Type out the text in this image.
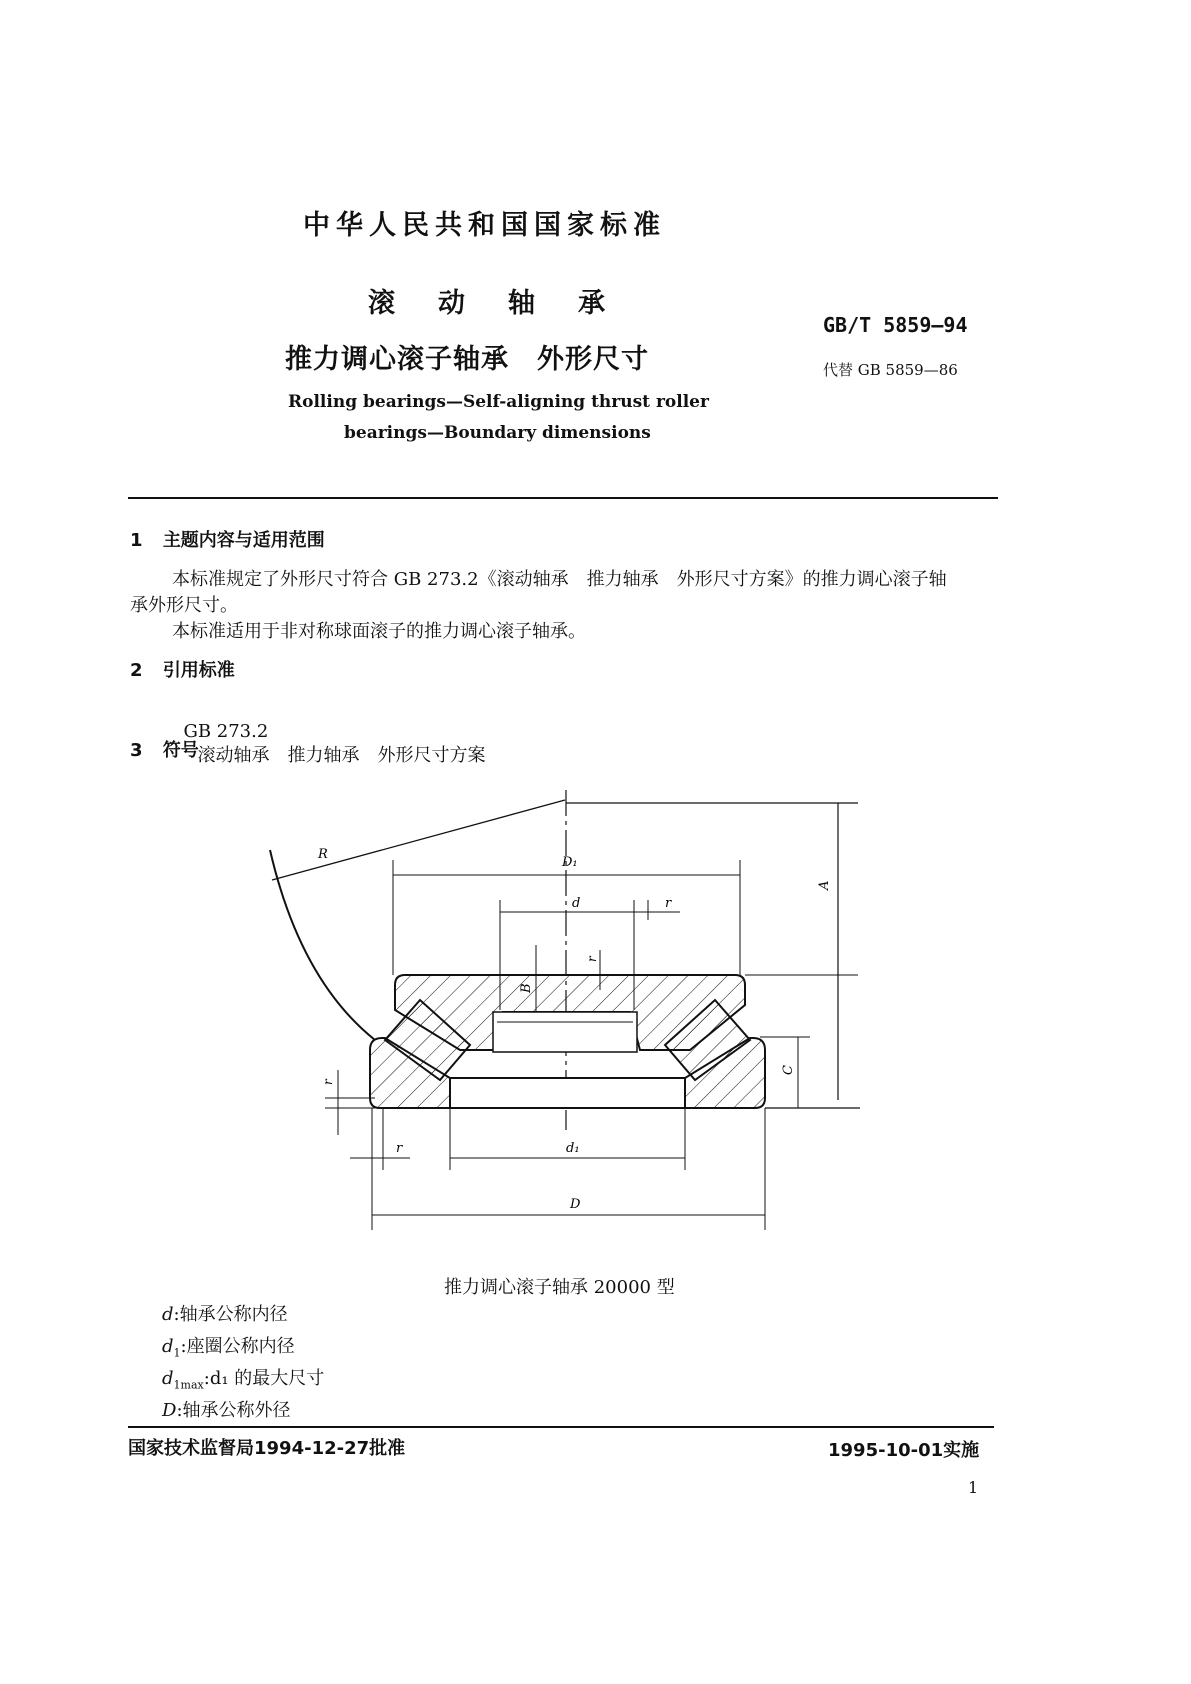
中华人民共和国国家标准
滚　动　轴　承
推力调心滚子轴承　外形尺寸
Rolling bearings—Self-aligning thrust roller
bearings—Boundary dimensions
GB/T 5859—94
代替 GB 5859—86
1 主题内容与适用范围
本标准规定了外形尺寸符合 GB 273.2《滚动轴承　推力轴承　外形尺寸方案》的推力调心滚子轴
承外形尺寸。
本标准适用于非对称球面滚子的推力调心滚子轴承。
2 引用标准

GB 273.2
滚动轴承　推力轴承　外形尺寸方案

3 符号
R
D₁
d	r
r
A
B
C
r
r	d₁
D
推力调心滚子轴承 20000 型
d:轴承公称内径
$d_1$:座圈公称内径
$d_{1max}:d_1$ 的最大尺寸
D:轴承公称外径
国家技术监督局1994-12-27批准	1995-10-01实施
1
